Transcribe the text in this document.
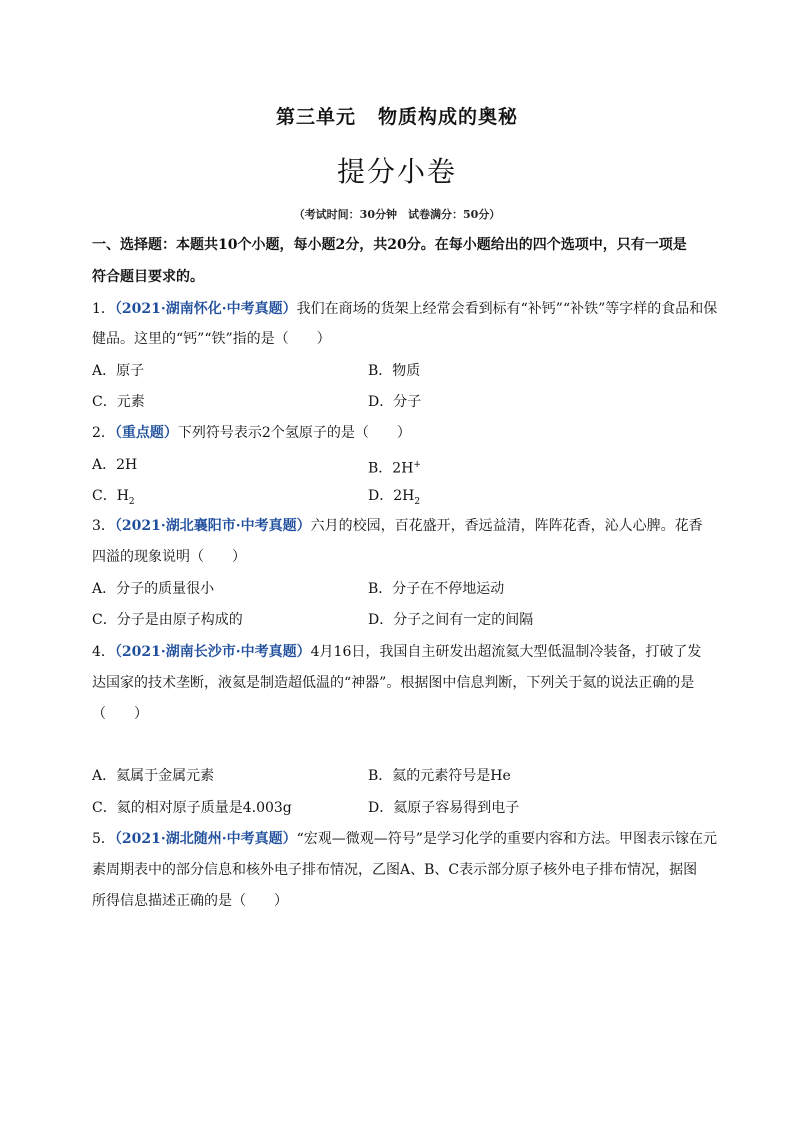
第三单元 物质构成的奥秘
提分小卷
（考试时间：30分钟　试卷满分：50分）
一、选择题：本题共10个小题，每小题2分，共20分。在每小题给出的四个选项中，只有一项是
符合题目要求的。
1．（2021·湖南怀化·中考真题）我们在商场的货架上经常会看到标有“补钙”“补铁”等字样的食品和保
健品。这里的“钙”“铁”指的是（　　）
A．原子	B．物质
C．元素	D．分子
2．（重点题）下列符号表示2个氢原子的是（　　）
A．2H	B．2H+
C．$H_2$	D．$2H_2$
3．（2021·湖北襄阳市·中考真题）六月的校园，百花盛开，香远益清，阵阵花香，沁人心脾。花香
四溢的现象说明（　　）
A．分子的质量很小	B．分子在不停地运动
C．分子是由原子构成的	D．分子之间有一定的间隔
4．（2021·湖南长沙市·中考真题）4月16日，我国自主研发出超流氦大型低温制冷装备，打破了发
达国家的技术垄断，液氦是制造超低温的“神器”。根据图中信息判断，下列关于氦的说法正确的是
（　　）
A．氦属于金属元素	B．氦的元素符号是He
C．氦的相对原子质量是4.003g	D．氦原子容易得到电子
5．（2021·湖北随州·中考真题）“宏观—微观—符号”是学习化学的重要内容和方法。甲图表示镓在元
素周期表中的部分信息和核外电子排布情况，乙图A、B、C表示部分原子核外电子排布情况，据图
所得信息描述正确的是（　　）
